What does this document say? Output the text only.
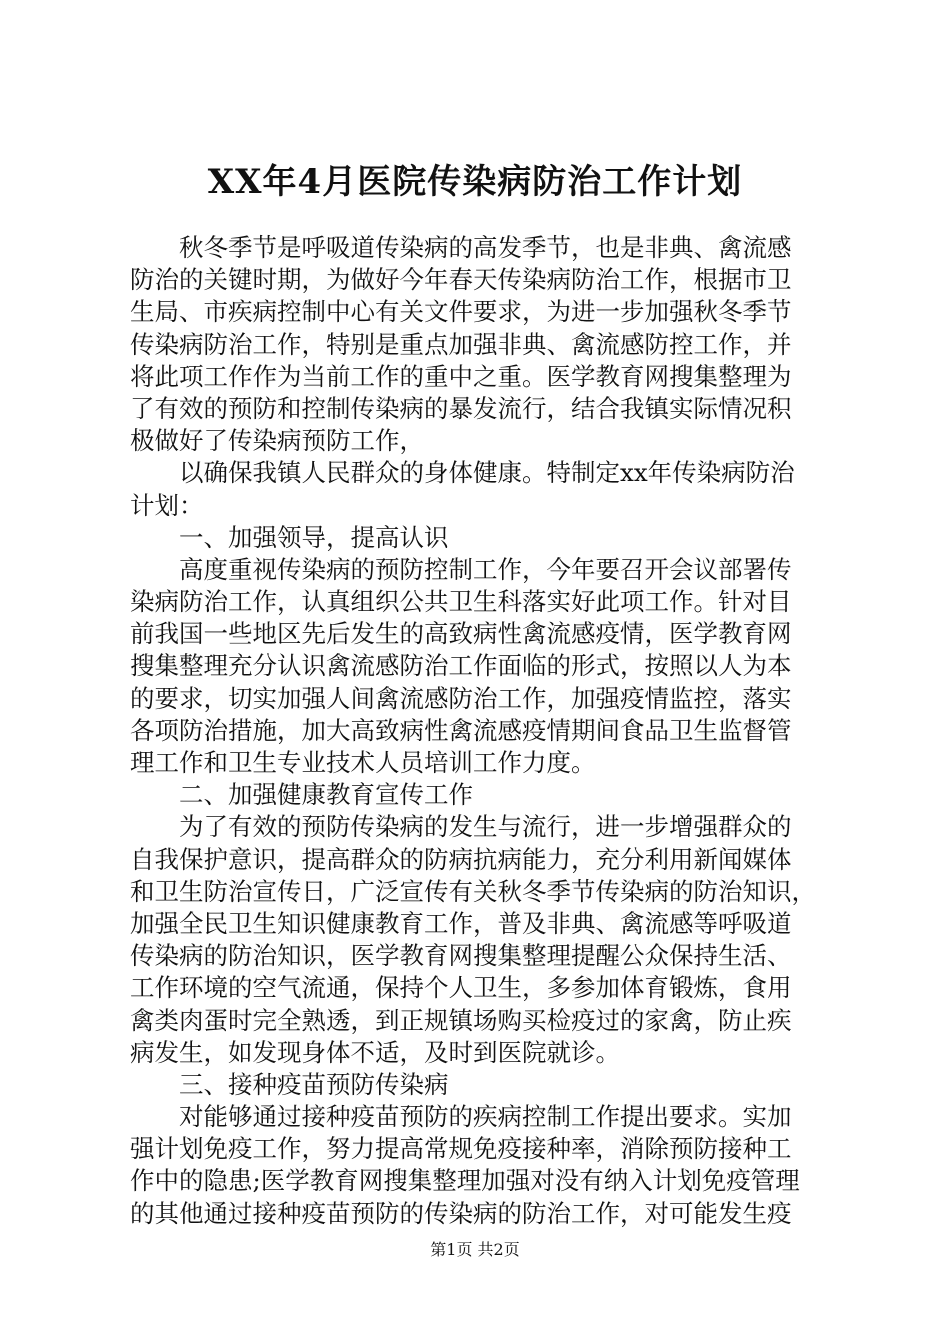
XX年4月医院传染病防治工作计划
　　秋冬季节是呼吸道传染病的高发季节，也是非典、禽流感
防治的关键时期，为做好今年春天传染病防治工作，根据市卫
生局、市疾病控制中心有关文件要求，为进一步加强秋冬季节
传染病防治工作，特别是重点加强非典、禽流感防控工作，并
将此项工作作为当前工作的重中之重。医学教育网搜集整理为
了有效的预防和控制传染病的暴发流行，结合我镇实际情况积
极做好了传染病预防工作，
　　以确保我镇人民群众的身体健康。特制定xx年传染病防治
计划：
　　一、加强领导，提高认识
　　高度重视传染病的预防控制工作，今年要召开会议部署传
染病防治工作，认真组织公共卫生科落实好此项工作。针对目
前我国一些地区先后发生的高致病性禽流感疫情，医学教育网
搜集整理充分认识禽流感防治工作面临的形式，按照以人为本
的要求，切实加强人间禽流感防治工作，加强疫情监控，落实
各项防治措施，加大高致病性禽流感疫情期间食品卫生监督管
理工作和卫生专业技术人员培训工作力度。
　　二、加强健康教育宣传工作
　　为了有效的预防传染病的发生与流行，进一步增强群众的
自我保护意识，提高群众的防病抗病能力，充分利用新闻媒体
和卫生防治宣传日，广泛宣传有关秋冬季节传染病的防治知识，
加强全民卫生知识健康教育工作，普及非典、禽流感等呼吸道
传染病的防治知识，医学教育网搜集整理提醒公众保持生活、
工作环境的空气流通，保持个人卫生，多参加体育锻炼，食用
禽类肉蛋时完全熟透，到正规镇场购买检疫过的家禽，防止疾
病发生，如发现身体不适，及时到医院就诊。
　　三、接种疫苗预防传染病
　　对能够通过接种疫苗预防的疾病控制工作提出要求。实加
强计划免疫工作，努力提高常规免疫接种率，消除预防接种工
作中的隐患;医学教育网搜集整理加强对没有纳入计划免疫管理
的其他通过接种疫苗预防的传染病的防治工作，对可能发生疫
第1页 共2页
